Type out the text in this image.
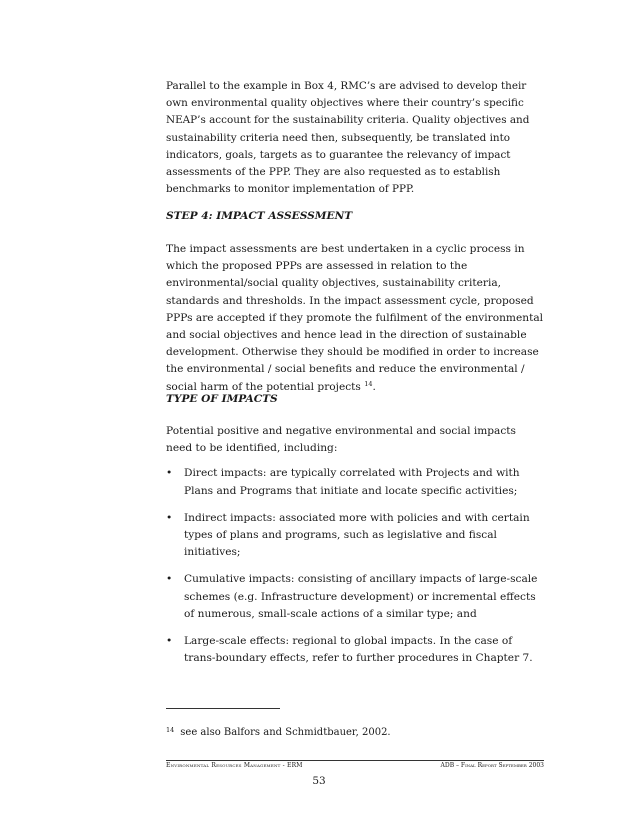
Parallel to the example in Box 4, RMC’s are advised to develop their own environmental quality objectives where their country’s specific NEAP’s account for the sustainability criteria. Quality objectives and sustainability criteria need then, subsequently, be translated into indicators, goals, targets as to guarantee the relevancy of impact assessments of the PPP. They are also requested as to establish benchmarks to monitor implementation of PPP.

STEP 4: IMPACT ASSESSMENT

The impact assessments are best undertaken in a cyclic process in which the proposed PPPs are assessed in relation to the environmental/social quality objectives, sustainability criteria, standards and thresholds. In the impact assessment cycle, proposed PPPs are accepted if they promote the fulfilment of the environmental and social objectives and hence lead in the direction of sustainable development. Otherwise they should be modified in order to increase the environmental / social benefits and reduce the environmental / social harm of the potential projects $^{14}$.

TYPE OF IMPACTS

Potential positive and negative environmental and social impacts need to be identified, including:

•	Direct impacts: are typically correlated with Projects and with Plans and Programs that initiate and locate specific activities;
•	Indirect impacts: associated more with policies and with certain types of plans and programs, such as legislative and fiscal initiatives;
•	Cumulative impacts: consisting of ancillary impacts of large-scale schemes (e.g. Infrastructure development) or incremental effects of numerous, small-scale actions of a similar type; and
•	Large-scale effects: regional to global impacts. In the case of trans-boundary effects, refer to further procedures in Chapter 7.
$^{14}$ see also Balfors and Schmidtbauer, 2002.
Environmental Resources Management - ERM	ADB – Final Report September 2003
53
